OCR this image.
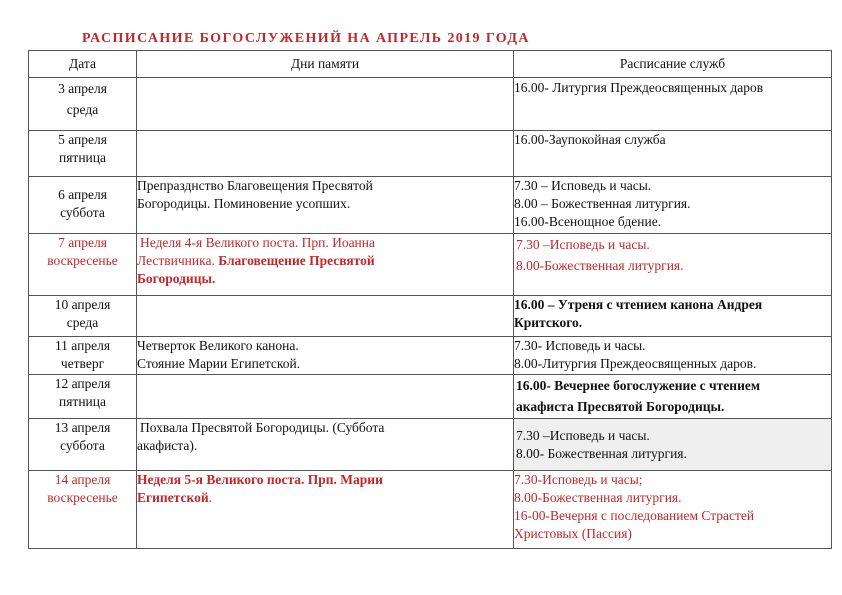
РАСПИСАНИЕ БОГОСЛУЖЕНИЙ НА АПРЕЛЬ 2019 ГОДА
Дата	Дни памяти	Расписание служб

3 апреля
среда		16.00- Литургия Преждеосвященных даров

5 апреля
пятница		16.00-Заупокойная служба

6 апреля
суббота	Препразднство Благовещения Пресвятой
Богородицы. Поминовение усопших.	7.30 – Исповедь и часы.
8.00 – Божественная литургия.
16.00-Всенощное бдение.

7 апреля
воскресенье	Неделя 4-я Великого поста. Прп. Иоанна
Лествичника. Благовещение Пресвятой
Богородицы.	7.30 –Исповедь и часы.
8.00-Божественная литургия.

10 апреля
среда		16.00 – Утреня с чтением канона Андрея
Критского.

11 апреля
четверг	Четверток Великого канона.
Стояние Марии Египетской.	7.30- Исповедь и часы.
8.00-Литургия Преждеосвященных даров.

12 апреля
пятница		16.00- Вечернее богослужение с чтением
акафиста Пресвятой Богородицы.

13 апреля
суббота	Похвала Пресвятой Богородицы. (Суббота
акафиста).	7.30 –Исповедь и часы.
8.00- Божественная литургия.

14 апреля
воскресенье	Неделя 5-я Великого поста. Прп. Марии
Египетской.	7.30-Исповедь и часы;
8.00-Божественная литургия.
16-00-Вечерня с последованием Страстей
Христовых (Пассия)
